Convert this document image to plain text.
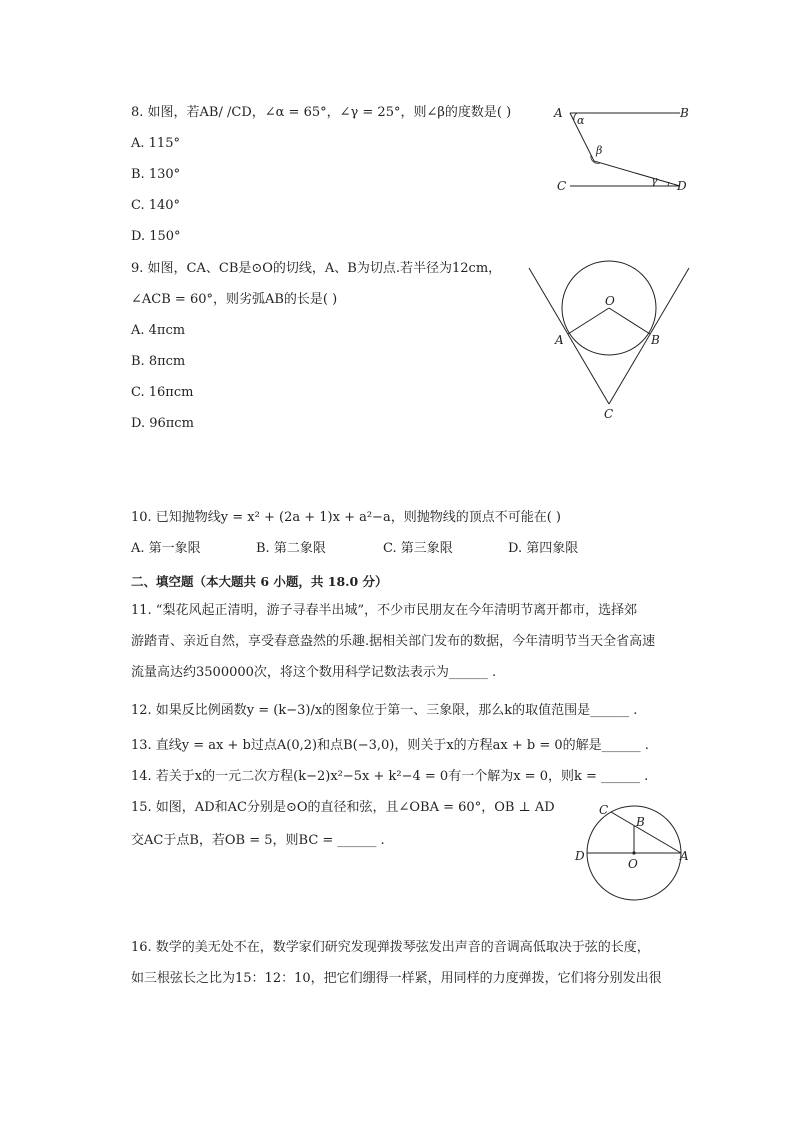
8. 如图，若AB/ /CD，∠α = 65°，∠γ = 25°，则∠β的度数是( )
A. 115°
B. 130°
C. 140°
D. 150°
A	B
C	D
α
β
γ
9. 如图，CA、CB是⊙O的切线，A、B为切点.若半径为12cm，
∠ACB = 60°，则劣弧AB的长是( )
A. 4πcm
B. 8πcm
C. 16πcm
D. 96πcm
O
A	B
C
10. 已知抛物线y = x² + (2a + 1)x + a²−a，则抛物线的顶点不可能在( )
A. 第一象限	B. 第二象限	C. 第三象限	D. 第四象限
二、填空题（本大题共 6 小题，共 18.0 分）
11. “梨花风起正清明，游子寻春半出城”，不少市民朋友在今年清明节离开都市，选择郊
游踏青、亲近自然，享受春意盎然的乐趣.据相关部门发布的数据，今年清明节当天全省高速
流量高达约3500000次，将这个数用科学记数法表示为______ .
12. 如果反比例函数y = (k−3)/x的图象位于第一、三象限，那么k的取值范围是______ .
13. 直线y = ax + b过点A(0,2)和点B(−3,0)，则关于x的方程ax + b = 0的解是______ .
14. 若关于x的一元二次方程(k−2)x²−5x + k²−4 = 0有一个解为x = 0，则k = ______ .
15. 如图，AD和AC分别是⊙O的直径和弦，且∠OBA = 60°，OB ⊥ AD
交AC于点B，若OB = 5，则BC = ______ .
C
B
D
O
A
16. 数学的美无处不在，数学家们研究发现弹拨琴弦发出声音的音调高低取决于弦的长度，
如三根弦长之比为15：12：10，把它们绷得一样紧，用同样的力度弹拨，它们将分别发出很
